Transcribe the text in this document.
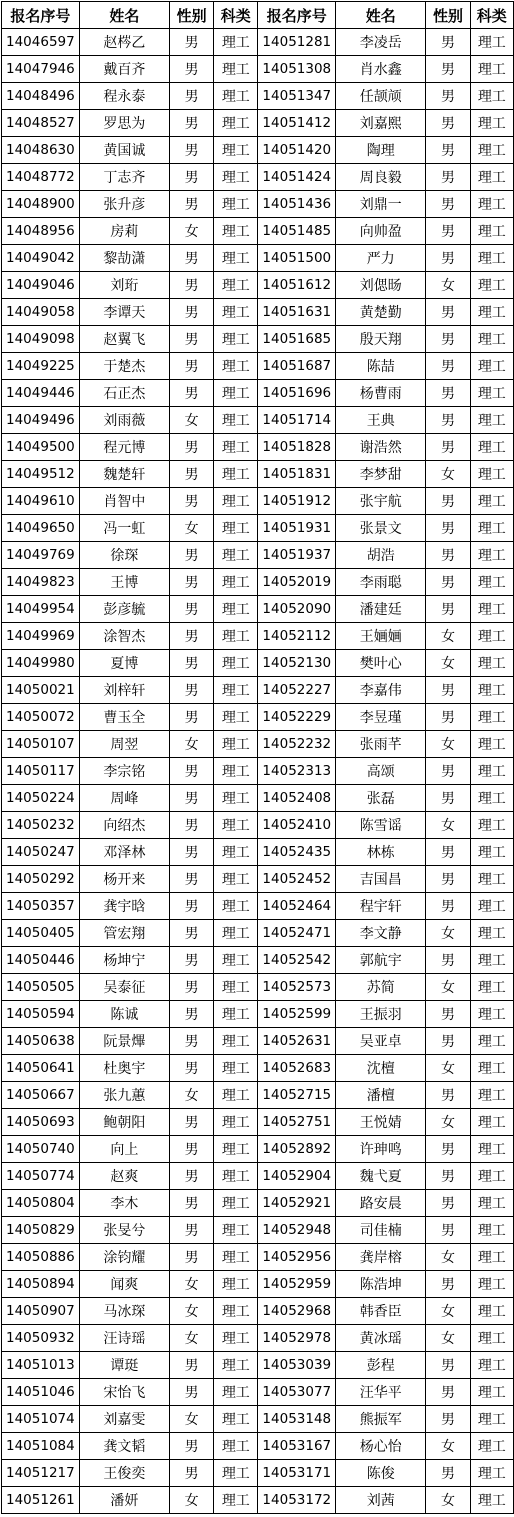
报名序号	姓名	性别	科类	报名序号	姓名	性别	科类
14046597	赵梣乙	男	理工	14051281	李凌岳	男	理工
14047946	戴百齐	男	理工	14051308	肖水鑫	男	理工
14048496	程永泰	男	理工	14051347	任颉颃	男	理工
14048527	罗思为	男	理工	14051412	刘嘉熙	男	理工
14048630	黄国诚	男	理工	14051420	陶理	男	理工
14048772	丁志齐	男	理工	14051424	周良毅	男	理工
14048900	张升彦	男	理工	14051436	刘鼎一	男	理工
14048956	房莉	女	理工	14051485	向帅盈	男	理工
14049042	黎劼潇	男	理工	14051500	严力	男	理工
14049046	刘珩	男	理工	14051612	刘偲旸	女	理工
14049058	李谭天	男	理工	14051631	黄楚勤	男	理工
14049098	赵翼飞	男	理工	14051685	殷天翔	男	理工
14049225	于楚杰	男	理工	14051687	陈喆	男	理工
14049446	石正杰	男	理工	14051696	杨曹雨	男	理工
14049496	刘雨薇	女	理工	14051714	王典	男	理工
14049500	程元博	男	理工	14051828	谢浩然	男	理工
14049512	魏楚轩	男	理工	14051831	李梦甜	女	理工
14049610	肖智中	男	理工	14051912	张宇航	男	理工
14049650	冯一虹	女	理工	14051931	张景文	男	理工
14049769	徐琛	男	理工	14051937	胡浩	男	理工
14049823	王博	男	理工	14052019	李雨聪	男	理工
14049954	彭彦毓	男	理工	14052090	潘建廷	男	理工
14049969	涂智杰	男	理工	14052112	王婳婳	女	理工
14049980	夏博	男	理工	14052130	樊叶心	女	理工
14050021	刘梓轩	男	理工	14052227	李嘉伟	男	理工
14050072	曹玉全	男	理工	14052229	李昱瑾	男	理工
14050107	周翌	女	理工	14052232	张雨芊	女	理工
14050117	李宗铭	男	理工	14052313	高颂	男	理工
14050224	周峰	男	理工	14052408	张磊	男	理工
14050232	向绍杰	男	理工	14052410	陈雪谣	女	理工
14050247	邓泽林	男	理工	14052435	林栋	男	理工
14050292	杨开来	男	理工	14052452	吉国昌	男	理工
14050357	龚宇晗	男	理工	14052464	程宇轩	男	理工
14050405	管宏翔	男	理工	14052471	李文静	女	理工
14050446	杨坤宁	男	理工	14052542	郭航宇	男	理工
14050505	吴泰征	男	理工	14052573	苏简	女	理工
14050594	陈诚	男	理工	14052599	王振羽	男	理工
14050638	阮景熚	男	理工	14052631	吴亚卓	男	理工
14050641	杜奥宇	男	理工	14052683	沈檀	女	理工
14050667	张九蕙	女	理工	14052715	潘檀	男	理工
14050693	鲍朝阳	男	理工	14052751	王悦婧	女	理工
14050740	向上	男	理工	14052892	许珅鸣	男	理工
14050774	赵爽	男	理工	14052904	魏弋夏	男	理工
14050804	李木	男	理工	14052921	路安晨	男	理工
14050829	张旻兮	男	理工	14052948	司佳楠	男	理工
14050886	涂钧耀	男	理工	14052956	龚岸榕	女	理工
14050894	闻爽	女	理工	14052959	陈浩坤	男	理工
14050907	马冰琛	女	理工	14052968	韩香臣	女	理工
14050932	汪诗瑶	女	理工	14052978	黄冰瑶	女	理工
14051013	谭珽	男	理工	14053039	彭程	男	理工
14051046	宋怡飞	男	理工	14053077	汪华平	男	理工
14051074	刘嘉雯	女	理工	14053148	熊振军	男	理工
14051084	龚文韬	男	理工	14053167	杨心怡	女	理工
14051217	王俊奕	男	理工	14053171	陈俊	男	理工
14051261	潘妍	女	理工	14053172	刘茜	女	理工
